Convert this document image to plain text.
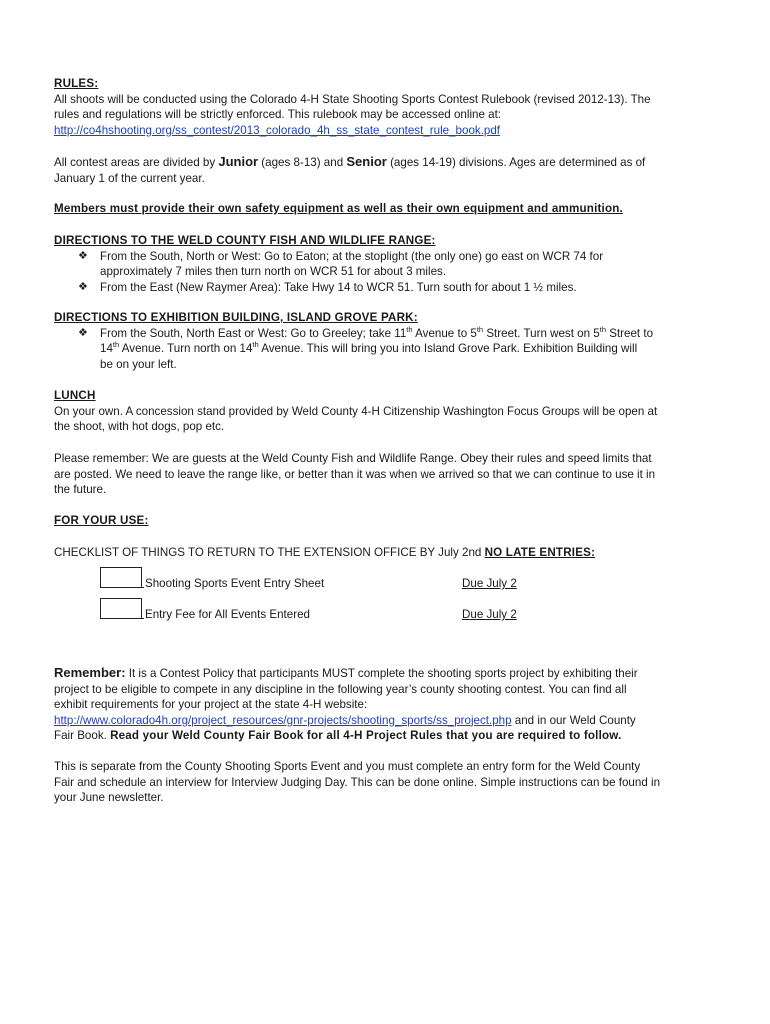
RULES:
All shoots will be conducted using the Colorado 4-H State Shooting Sports Contest Rulebook (revised 2012-13). The
rules and regulations will be strictly enforced. This rulebook may be accessed online at:
http://co4hshooting.org/ss_contest/2013_colorado_4h_ss_state_contest_rule_book.pdf
All contest areas are divided by Junior (ages 8-13) and Senior (ages 14-19) divisions. Ages are determined as of
January 1 of the current year.
Members must provide their own safety equipment as well as their own equipment and ammunition.
DIRECTIONS TO THE WELD COUNTY FISH AND WILDLIFE RANGE:
❖ From the South, North or West: Go to Eaton; at the stoplight (the only one) go east on WCR 74 for
approximately 7 miles then turn north on WCR 51 for about 3 miles.
❖ From the East (New Raymer Area): Take Hwy 14 to WCR 51. Turn south for about 1 ½ miles.
DIRECTIONS TO EXHIBITION BUILDING, ISLAND GROVE PARK:
❖ From the South, North East or West: Go to Greeley; take 11th Avenue to 5th Street. Turn west on 5th Street to
14th Avenue. Turn north on 14th Avenue. This will bring you into Island Grove Park. Exhibition Building will
be on your left.
LUNCH
On your own. A concession stand provided by Weld County 4-H Citizenship Washington Focus Groups will be open at
the shoot, with hot dogs, pop etc.
Please remember: We are guests at the Weld County Fish and Wildlife Range. Obey their rules and speed limits that
are posted. We need to leave the range like, or better than it was when we arrived so that we can continue to use it in
the future.
FOR YOUR USE:
CHECKLIST OF THINGS TO RETURN TO THE EXTENSION OFFICE BY July 2nd NO LATE ENTRIES:
Shooting Sports Event Entry Sheet	Due July 2
Entry Fee for All Events Entered	Due July 2
Remember: It is a Contest Policy that participants MUST complete the shooting sports project by exhibiting their
project to be eligible to compete in any discipline in the following year’s county shooting contest. You can find all
exhibit requirements for your project at the state 4-H website:
http://www.colorado4h.org/project_resources/gnr-projects/shooting_sports/ss_project.php and in our Weld County
Fair Book. Read your Weld County Fair Book for all 4-H Project Rules that you are required to follow.
This is separate from the County Shooting Sports Event and you must complete an entry form for the Weld County
Fair and schedule an interview for Interview Judging Day. This can be done online. Simple instructions can be found in
your June newsletter.
